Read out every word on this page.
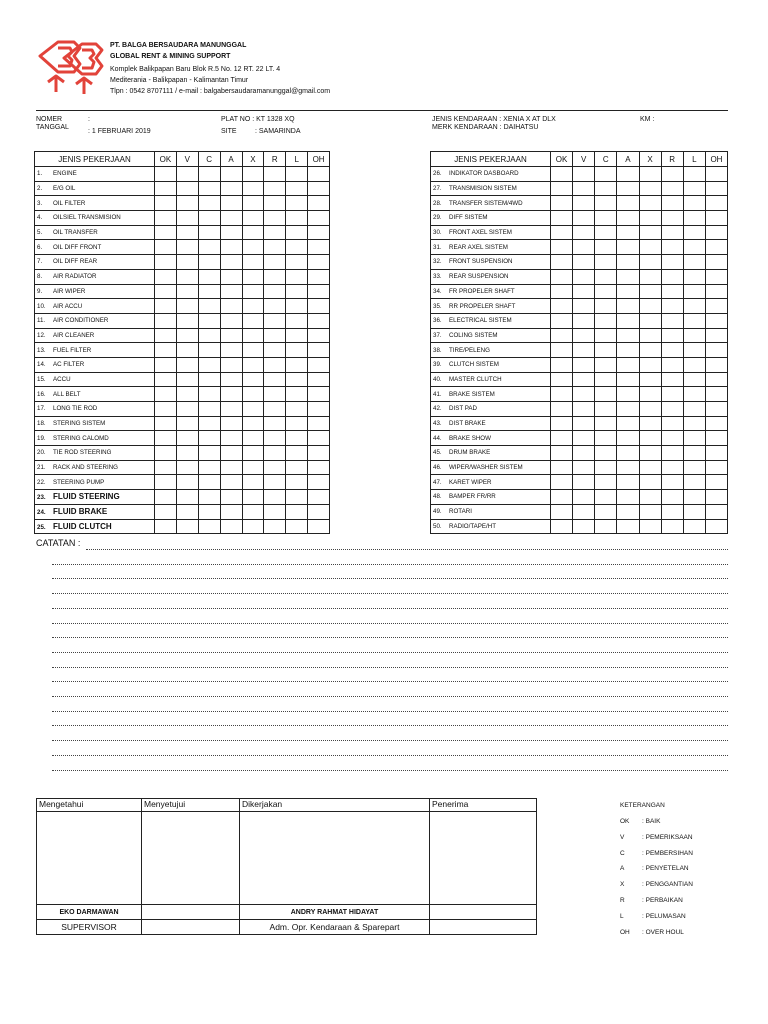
PT. BALGA BERSAUDARA MANUNGGAL
GLOBAL RENT & MINING SUPPORT
Komplek Balikpapan Baru Blok R.5 No. 12 RT. 22 LT. 4
Mediterania - Balikpapan - Kalimantan Timur
Tlpn : 0542 8707111 / e-mail : balgabersaudaramanunggal@gmail.com
NOMER	:
TANGGAL
: 1 FEBRUARI 2019
PLAT NO : KT 1328 XQ
SITE	: SAMARINDA
JENIS KENDARAAN : XENIA X AT DLX
MERK KENDARAAN : DAIHATSU
KM :
JENIS PEKERJAAN	OK	V	C	A	X	R	L	OH
1. ENGINE								
2. E/G OIL								
3. OIL FILTER								
4. OILSIEL TRANSMISION								
5. OIL TRANSFER								
6. OIL DIFF FRONT								
7. OIL DIFF REAR								
8. AIR RADIATOR								
9. AIR WIPER								
10. AIR ACCU								
11. AIR CONDITIONER								
12. AIR CLEANER								
13. FUEL FILTER								
14. AC FILTER								
15. ACCU								
16. ALL BELT								
17. LONG TIE ROD								
18. STERING SISTEM								
19. STERING CALOMD								
20. TIE ROD STEERING								
21. RACK AND STEERING								
22. STEERING PUMP								
23. FLUID STEERING								
24. FLUID BRAKE								
25. FLUID CLUTCH								
JENIS PEKERJAAN	OK	V	C	A	X	R	L	OH
26. INDIKATOR DASBOARD								
27. TRANSMISION SISTEM								
28. TRANSFER SISTEM/4WD								
29. DIFF SISTEM								
30. FRONT AXEL SISTEM								
31. REAR AXEL SISTEM								
32. FRONT SUSPENSION								
33. REAR SUSPENSION								
34. FR PROPELER SHAFT								
35. RR PROPELER SHAFT								
36. ELECTRICAL SISTEM								
37. COLING SISTEM								
38. TIRE/PELENG								
39. CLUTCH SISTEM								
40. MASTER CLUTCH								
41. BRAKE SISTEM								
42. DIST PAD								
43. DIST BRAKE								
44. BRAKE SHOW								
45. DRUM BRAKE								
46. WIPER/WASHER SISTEM								
47. KARET WIPER								
48. BAMPER FR/RR								
49. ROTARI								
50. RADIO/TAPE/HT								
CATATAN :
Mengetahui	Menyetujui	Dikerjakan	Penerima

EKO DARMAWAN		ANDRY RAHMAT HIDAYAT	
SUPERVISOR		Adm. Opr. Kendaraan & Sparepart	
KETERANGAN
OK : BAIK
V	: PEMERIKSAAN
C	: PEMBERSIHAN
A	: PENYETELAN
X	: PENGGANTIAN
R	: PERBAIKAN
L	: PELUMASAN
OH : OVER HOUL
